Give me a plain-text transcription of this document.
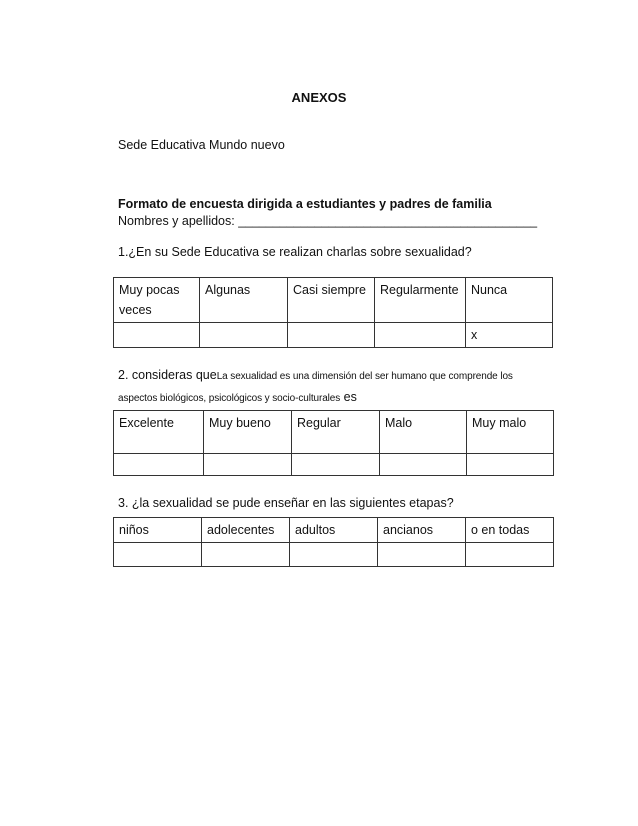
ANEXOS
Sede Educativa Mundo nuevo
Formato de encuesta dirigida a estudiantes y padres de familia
Nombres y apellidos: ___________________________________________
1.¿En su Sede Educativa se realizan charlas sobre sexualidad?
Muy pocas veces	Algunas	Casi siempre	Regularmente	Nunca
				x
2. consideras queLa sexualidad es una dimensión del ser humano que comprende los
aspectos biológicos, psicológicos y socio-culturales es
Excelente	Muy bueno	Regular	Malo	Muy malo

3. ¿la sexualidad se pude enseñar en las siguientes etapas?
niños	adolecentes	adultos	ancianos	o en todas
